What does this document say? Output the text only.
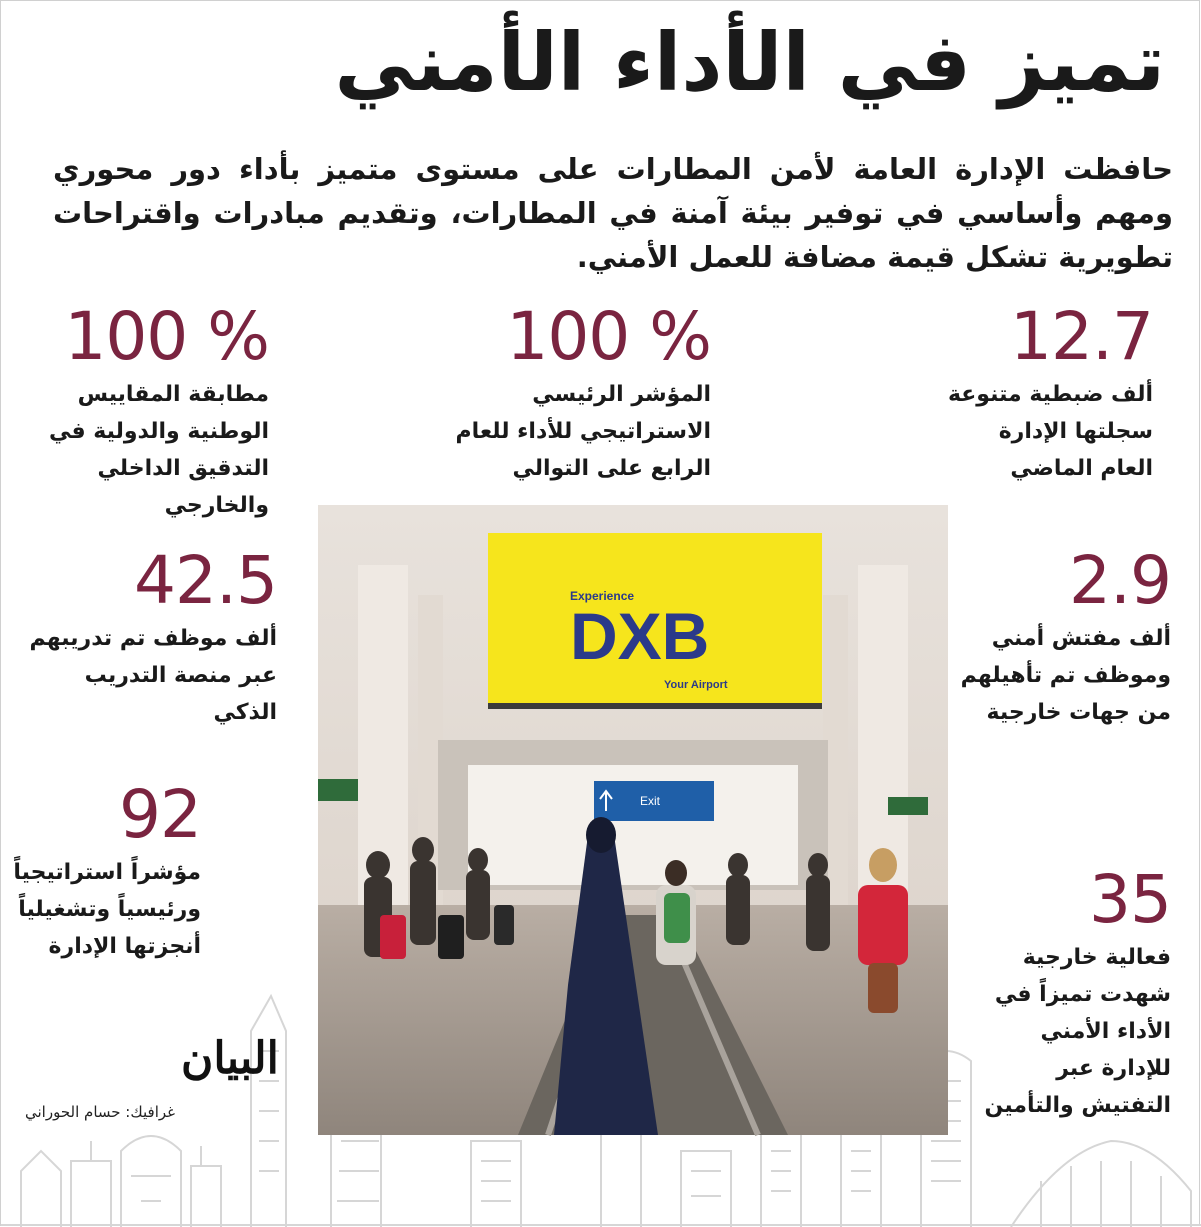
تميز في الأداء الأمني
حافظت الإدارة العامة لأمن المطارات على مستوى متميز بأداء دور محوري ومهم وأساسي في توفير بيئة آمنة في المطارات، وتقديم مبادرات واقتراحات تطويرية تشكل قيمة مضافة للعمل الأمني.
12.7
ألف ضبطية متنوعة
سجلتها الإدارة
العام الماضي
100 %
المؤشر الرئيسي
الاستراتيجي للأداء للعام
الرابع على التوالي
100 %
مطابقة المقاييس
الوطنية والدولية في
التدقيق الداخلي والخارجي
2.9
ألف مفتش أمني
وموظف تم تأهيلهم
من جهات خارجية
42.5
ألف موظف تم تدريبهم
عبر منصة التدريب الذكي
92
مؤشراً استراتيجياً
ورئيسياً وتشغيلياً
أنجزتها الإدارة
35
فعالية خارجية
شهدت تميزاً في
الأداء الأمني
للإدارة عبر
التفتيش والتأمين
Experience
DXB
Your Airport
Exit
البيان
غرافيك: حسام الحوراني
